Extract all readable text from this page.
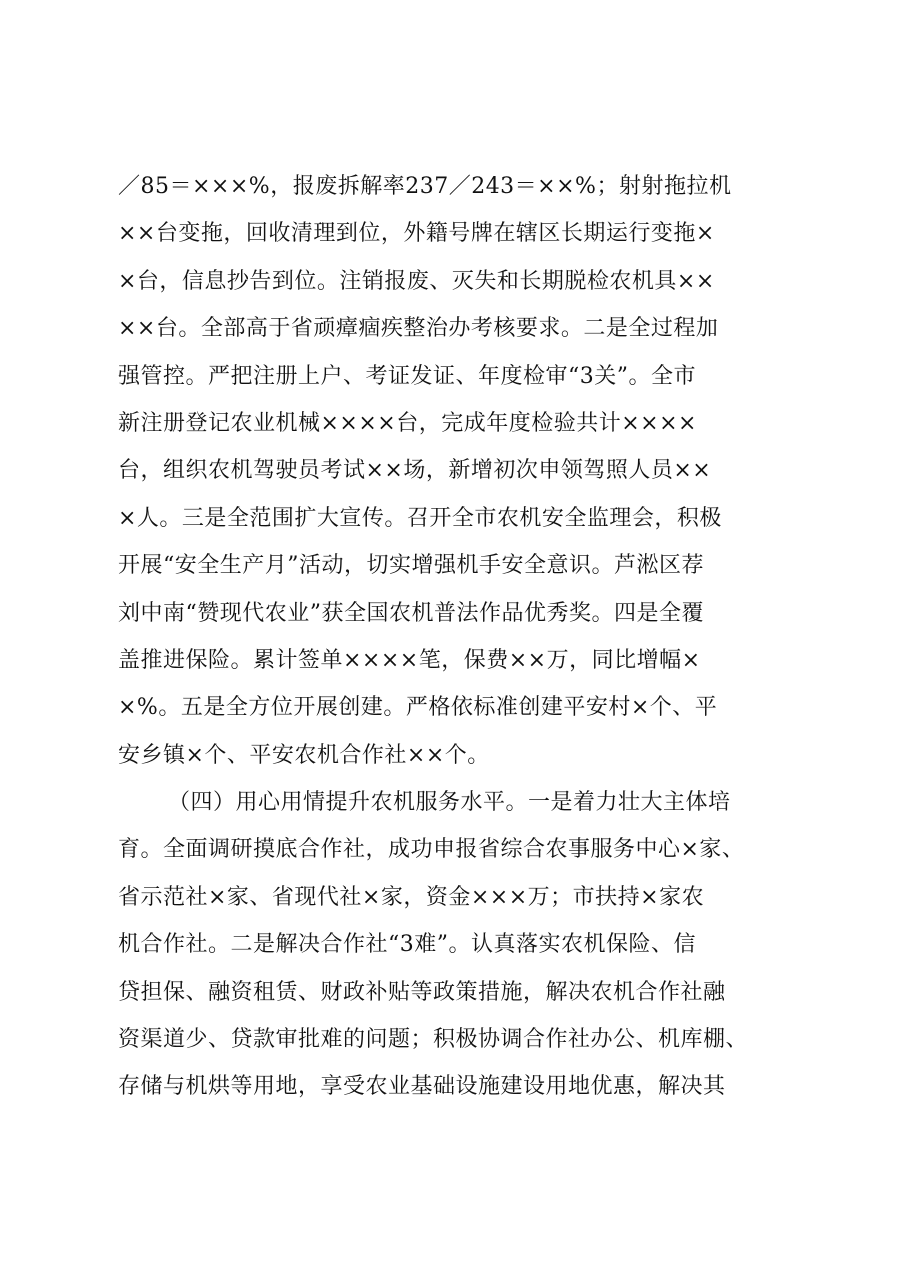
／85＝×××%，报废拆解率237／243＝××%；射射拖拉机
××台变拖，回收清理到位，外籍号牌在辖区长期运行变拖×
×台，信息抄告到位。注销报废、灭失和长期脱检农机具××
××台。全部高于省顽瘴痼疾整治办考核要求。二是全过程加
强管控。严把注册上户、考证发证、年度检审“3关”。全市
新注册登记农业机械××××台，完成年度检验共计××××
台，组织农机驾驶员考试××场，新增初次申领驾照人员××
×人。三是全范围扩大宣传。召开全市农机安全监理会，积极
开展“安全生产月”活动，切实增强机手安全意识。芦淞区荐
刘中南“赞现代农业”获全国农机普法作品优秀奖。四是全覆
盖推进保险。累计签单××××笔，保费××万，同比增幅×
×%。五是全方位开展创建。严格依标准创建平安村×个、平
安乡镇×个、平安农机合作社××个。
（四）用心用情提升农机服务水平。一是着力壮大主体培
育。全面调研摸底合作社，成功申报省综合农事服务中心×家、
省示范社×家、省现代社×家，资金×××万；市扶持×家农
机合作社。二是解决合作社“3难”。认真落实农机保险、信
贷担保、融资租赁、财政补贴等政策措施，解决农机合作社融
资渠道少、贷款审批难的问题；积极协调合作社办公、机库棚、
存储与机烘等用地，享受农业基础设施建设用地优惠，解决其
